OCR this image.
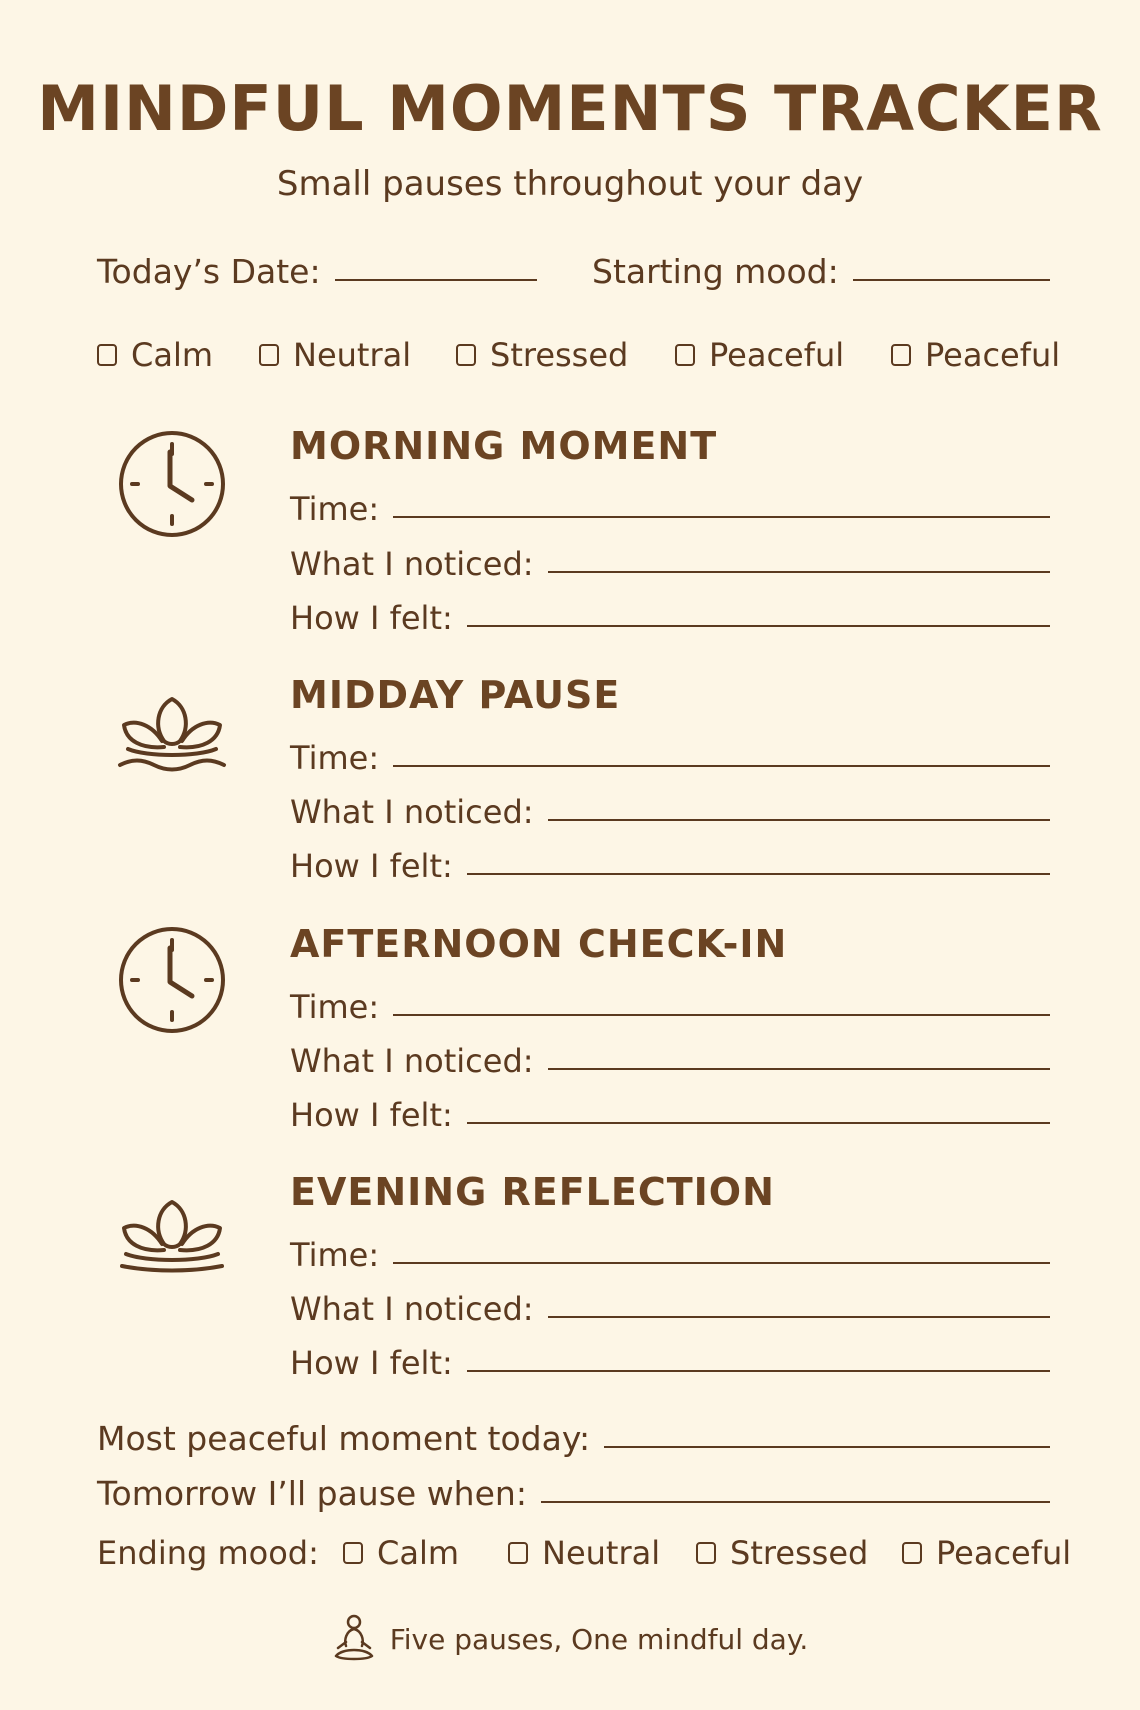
MINDFUL MOMENTS TRACKER
Small pauses throughout your day
Today’s Date:	Starting mood:
Calm Neutral Stressed	Peaceful	Peaceful
MORNING MOMENT
Time:
What I noticed:
How I felt:
MIDDAY PAUSE
Time:
What I noticed:
How I felt:
AFTERNOON CHECK-IN
Time:
What I noticed:
How I felt:
EVENING REFLECTION
Time:
What I noticed:
How I felt:
Most peaceful moment today:
Tomorrow I’ll pause when:
Ending mood:	Calm	Neutral Stressed Peaceful
Five pauses, One mindful day.
